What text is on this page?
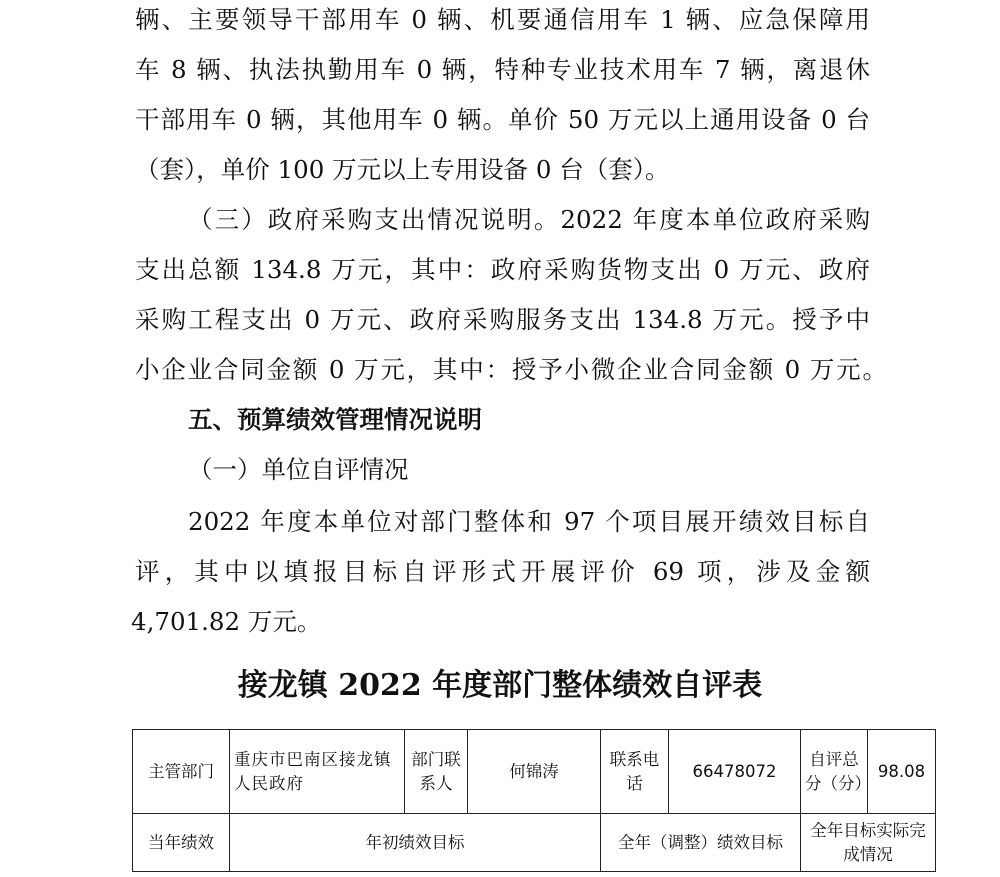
辆、主要领导干部用车 0 辆、机要通信用车 1 辆、应急保障用
车 8 辆、执法执勤用车 0 辆，特种专业技术用车 7 辆，离退休
干部用车 0 辆，其他用车 0 辆。单价 50 万元以上通用设备 0 台
（套），单价 100 万元以上专用设备 0 台（套）。
（三）政府采购支出情况说明。2022 年度本单位政府采购
支出总额 134.8 万元，其中：政府采购货物支出 0 万元、政府
采购工程支出 0 万元、政府采购服务支出 134.8 万元。授予中
小企业合同金额 0 万元，其中：授予小微企业合同金额 0 万元。
五、预算绩效管理情况说明
（一）单位自评情况
2022 年度本单位对部门整体和 97 个项目展开绩效目标自
评，其中以填报目标自评形式开展评价 69 项，涉及金额
4,701.82 万元。
接龙镇 2022 年度部门整体绩效自评表
主管部门	重庆市巴南区接龙镇人民政府	部门联系人	何锦涛	联系电话	66478072	自评总分（分）	98.08
当年绩效	年初绩效目标			全年（调整）绩效目标		全年目标实际完成情况	
